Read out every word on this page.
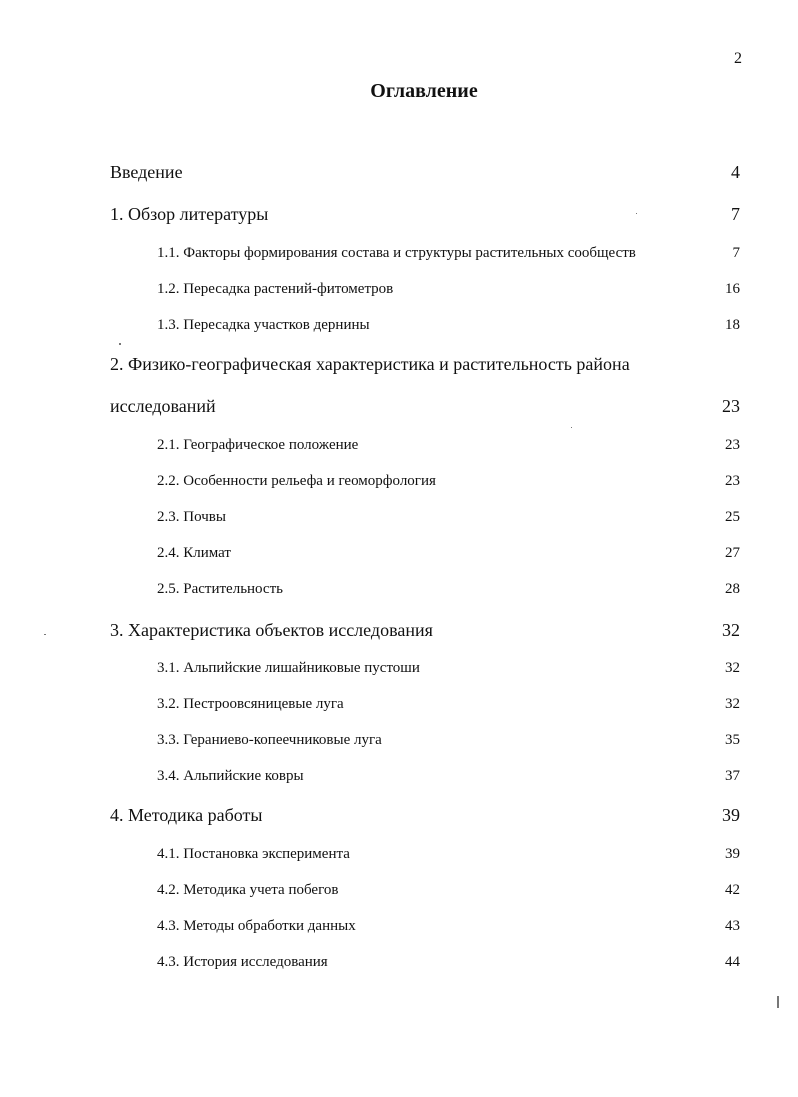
2
Оглавление
Введение	4
1. Обзор литературы	7
1.1. Факторы формирования состава и структуры растительных сообществ	7
1.2. Пересадка растений-фитометров	16
1.3. Пересадка участков дернины	18
2. Физико-географическая характеристика и растительность района
исследований	23
2.1. Географическое положение	23
2.2. Особенности рельефа и геоморфология	23
2.3. Почвы	25
2.4. Климат	27
2.5. Растительность	28
3. Характеристика объектов исследования	32
3.1. Альпийские лишайниковые пустоши	32
3.2. Пестроовсяницевые луга	32
3.3. Гераниево-копеечниковые луга	35
3.4. Альпийские ковры	37
4. Методика работы	39
4.1. Постановка эксперимента	39
4.2. Методика учета побегов	42
4.3. Методы обработки данных	43
4.3. История исследования	44
